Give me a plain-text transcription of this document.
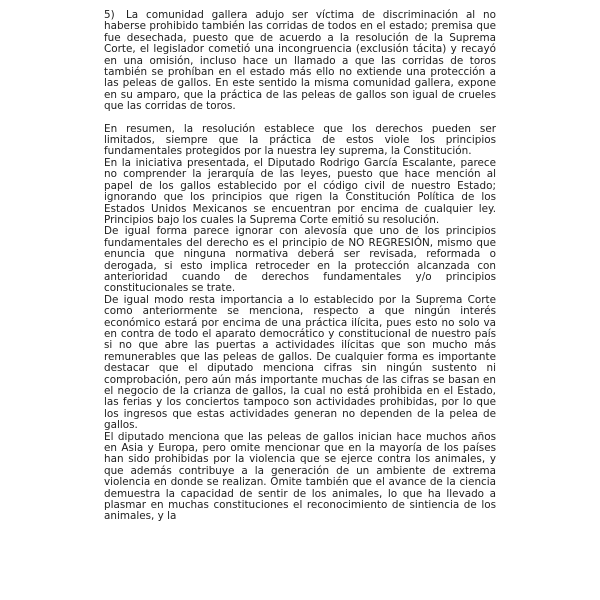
5) La comunidad gallera adujo ser víctima de discriminación al no haberse prohibido también las corridas de todos en el estado; premisa que fue desechada, puesto que de acuerdo a la resolución de la Suprema Corte, el legislador cometió una incongruencia (exclusión tácita) y recayó en una omisión, incluso hace un llamado a que las corridas de toros también se prohíban en el estado más ello no extiende una protección a las peleas de gallos. En este sentido la misma comunidad gallera, expone en su amparo, que la práctica de las peleas de gallos son igual de crueles que las corridas de toros.

En resumen, la resolución establece que los derechos pueden ser limitados, siempre que la práctica de estos viole los principios fundamentales protegidos por la nuestra ley suprema, la Constitución.

En la iniciativa presentada, el Diputado Rodrigo García Escalante, parece no comprender la jerarquía de las leyes, puesto que hace mención al papel de los gallos establecido por el código civil de nuestro Estado; ignorando que los principios que rigen la Constitución Política de los Estados Unidos Mexicanos se encuentran por encima de cualquier ley. Principios bajo los cuales la Suprema Corte emitió su resolución.

De igual forma parece ignorar con alevosía que uno de los principios fundamentales del derecho es el principio de NO REGRESIÓN, mismo que enuncia que ninguna normativa deberá ser revisada, reformada o derogada, si esto implica retroceder en la protección alcanzada con anterioridad cuando de derechos fundamentales y/o principios constitucionales se trate.

De igual modo resta importancia a lo establecido por la Suprema Corte como anteriormente se menciona, respecto a que ningún interés económico estará por encima de una práctica ilícita, pues esto no solo va en contra de todo el aparato democrático y constitucional de nuestro país si no que abre las puertas a actividades ilícitas que son mucho más remunerables que las peleas de gallos. De cualquier forma es importante destacar que el diputado menciona cifras sin ningún sustento ni comprobación, pero aún más importante muchas de las cifras se basan en el negocio de la crianza de gallos, la cual no está prohibida en el Estado, las ferias y los conciertos tampoco son actividades prohibidas, por lo que los ingresos que estas actividades generan no dependen de la pelea de gallos.

El diputado menciona que las peleas de gallos inician hace muchos años en Asia y Europa, pero omite mencionar que en la mayoría de los países han sido prohibidas por la violencia que se ejerce contra los animales, y que además contribuye a la generación de un ambiente de extrema violencia en donde se realizan. Omite también que el avance de la ciencia demuestra la capacidad de sentir de los animales, lo que ha llevado a plasmar en muchas constituciones el reconocimiento de sintiencia de los animales, y la
